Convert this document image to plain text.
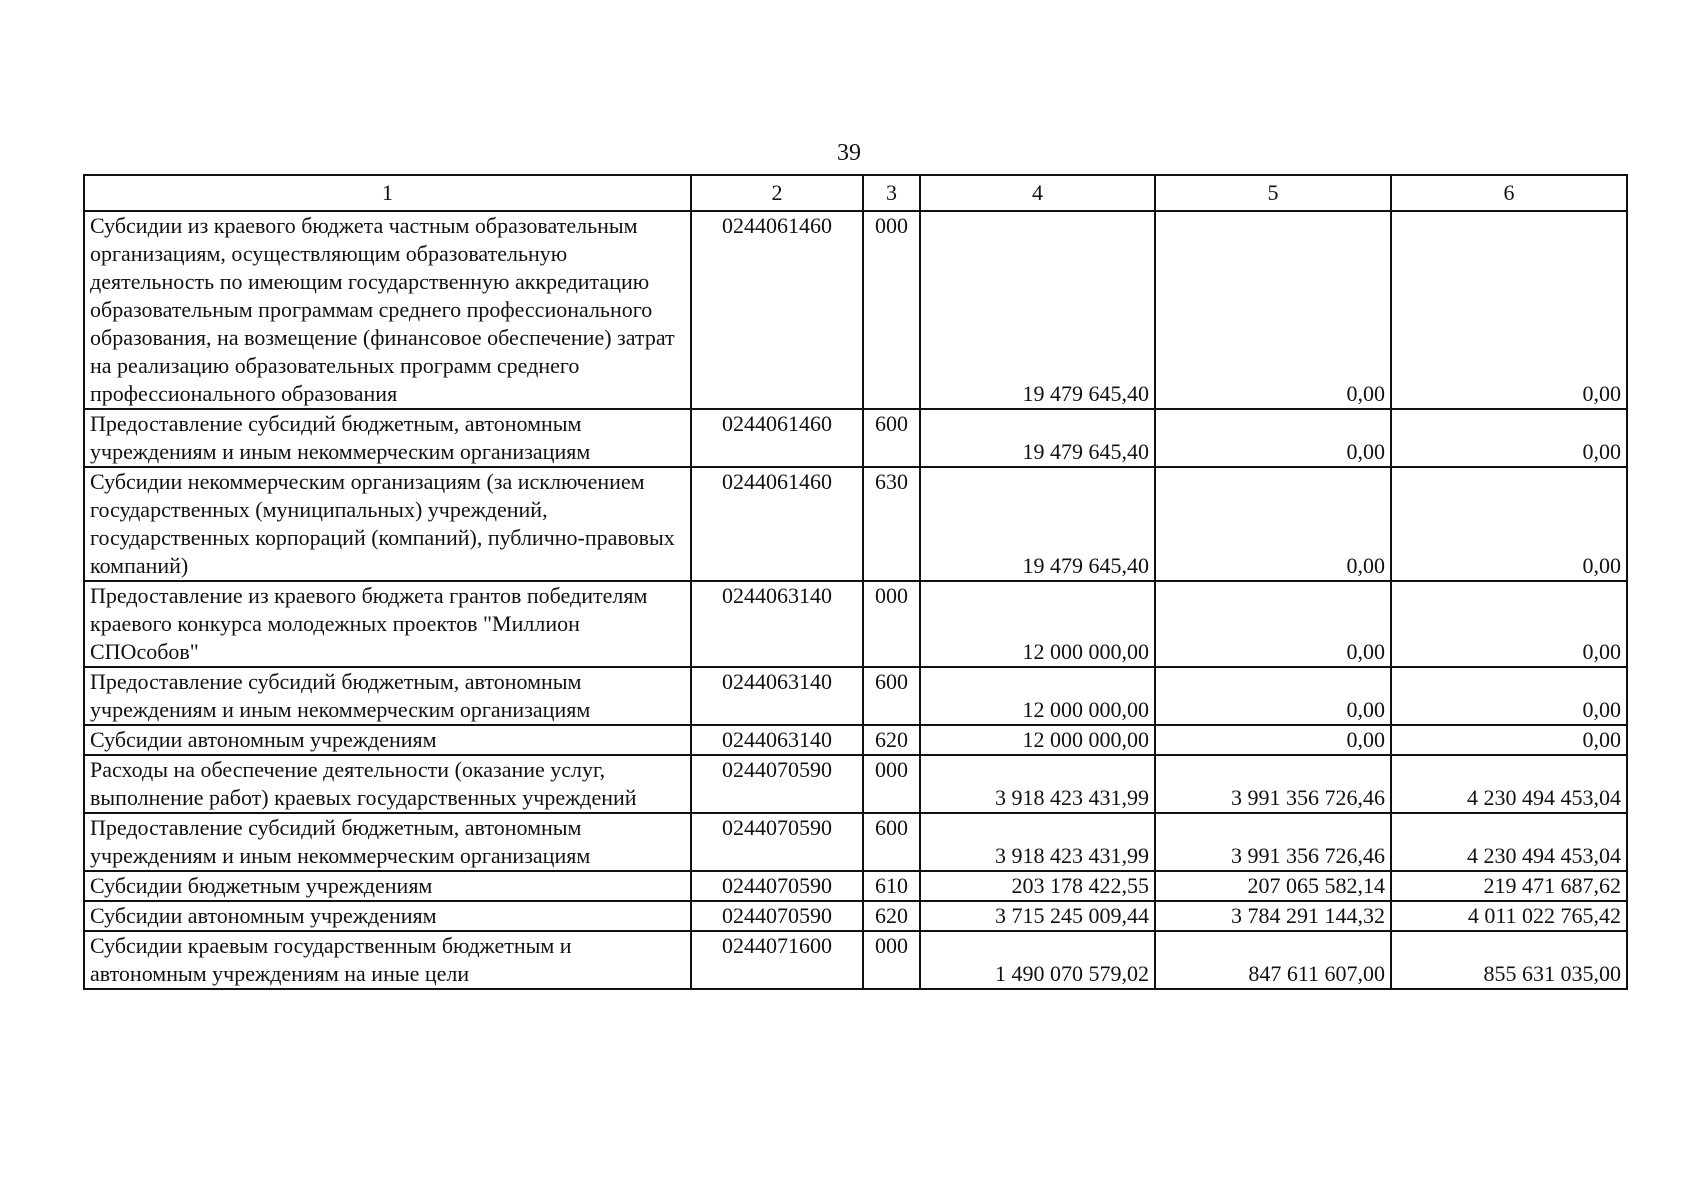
39
1	2	3	4	5	6
Субсидии из краевого бюджета частным образовательным организациям, осуществляющим образовательную деятельность по имеющим государственную аккредитацию образовательным программам среднего профессионального образования, на возмещение (финансовое обеспечение) затрат на реализацию образовательных программ среднего профессионального образования	0244061460	000	19 479 645,40	0,00	0,00
Предоставление субсидий бюджетным, автономным учреждениям и иным некоммерческим организациям	0244061460	600	19 479 645,40	0,00	0,00
Субсидии некоммерческим организациям (за исключением государственных (муниципальных) учреждений, государственных корпораций (компаний), публично-правовых компаний)	0244061460	630	19 479 645,40	0,00	0,00
Предоставление из краевого бюджета грантов победителям краевого конкурса молодежных проектов "Миллион СПОсобов"	0244063140	000	12 000 000,00	0,00	0,00
Предоставление субсидий бюджетным, автономным учреждениям и иным некоммерческим организациям	0244063140	600	12 000 000,00	0,00	0,00
Субсидии автономным учреждениям	0244063140	620	12 000 000,00	0,00	0,00
Расходы на обеспечение деятельности (оказание услуг, выполнение работ) краевых государственных учреждений	0244070590	000	3 918 423 431,99	3 991 356 726,46	4 230 494 453,04
Предоставление субсидий бюджетным, автономным учреждениям и иным некоммерческим организациям	0244070590	600	3 918 423 431,99	3 991 356 726,46	4 230 494 453,04
Субсидии бюджетным учреждениям	0244070590	610	203 178 422,55	207 065 582,14	219 471 687,62
Субсидии автономным учреждениям	0244070590	620	3 715 245 009,44	3 784 291 144,32	4 011 022 765,42
Субсидии краевым государственным бюджетным и автономным учреждениям на иные цели	0244071600	000	1 490 070 579,02	847 611 607,00	855 631 035,00
